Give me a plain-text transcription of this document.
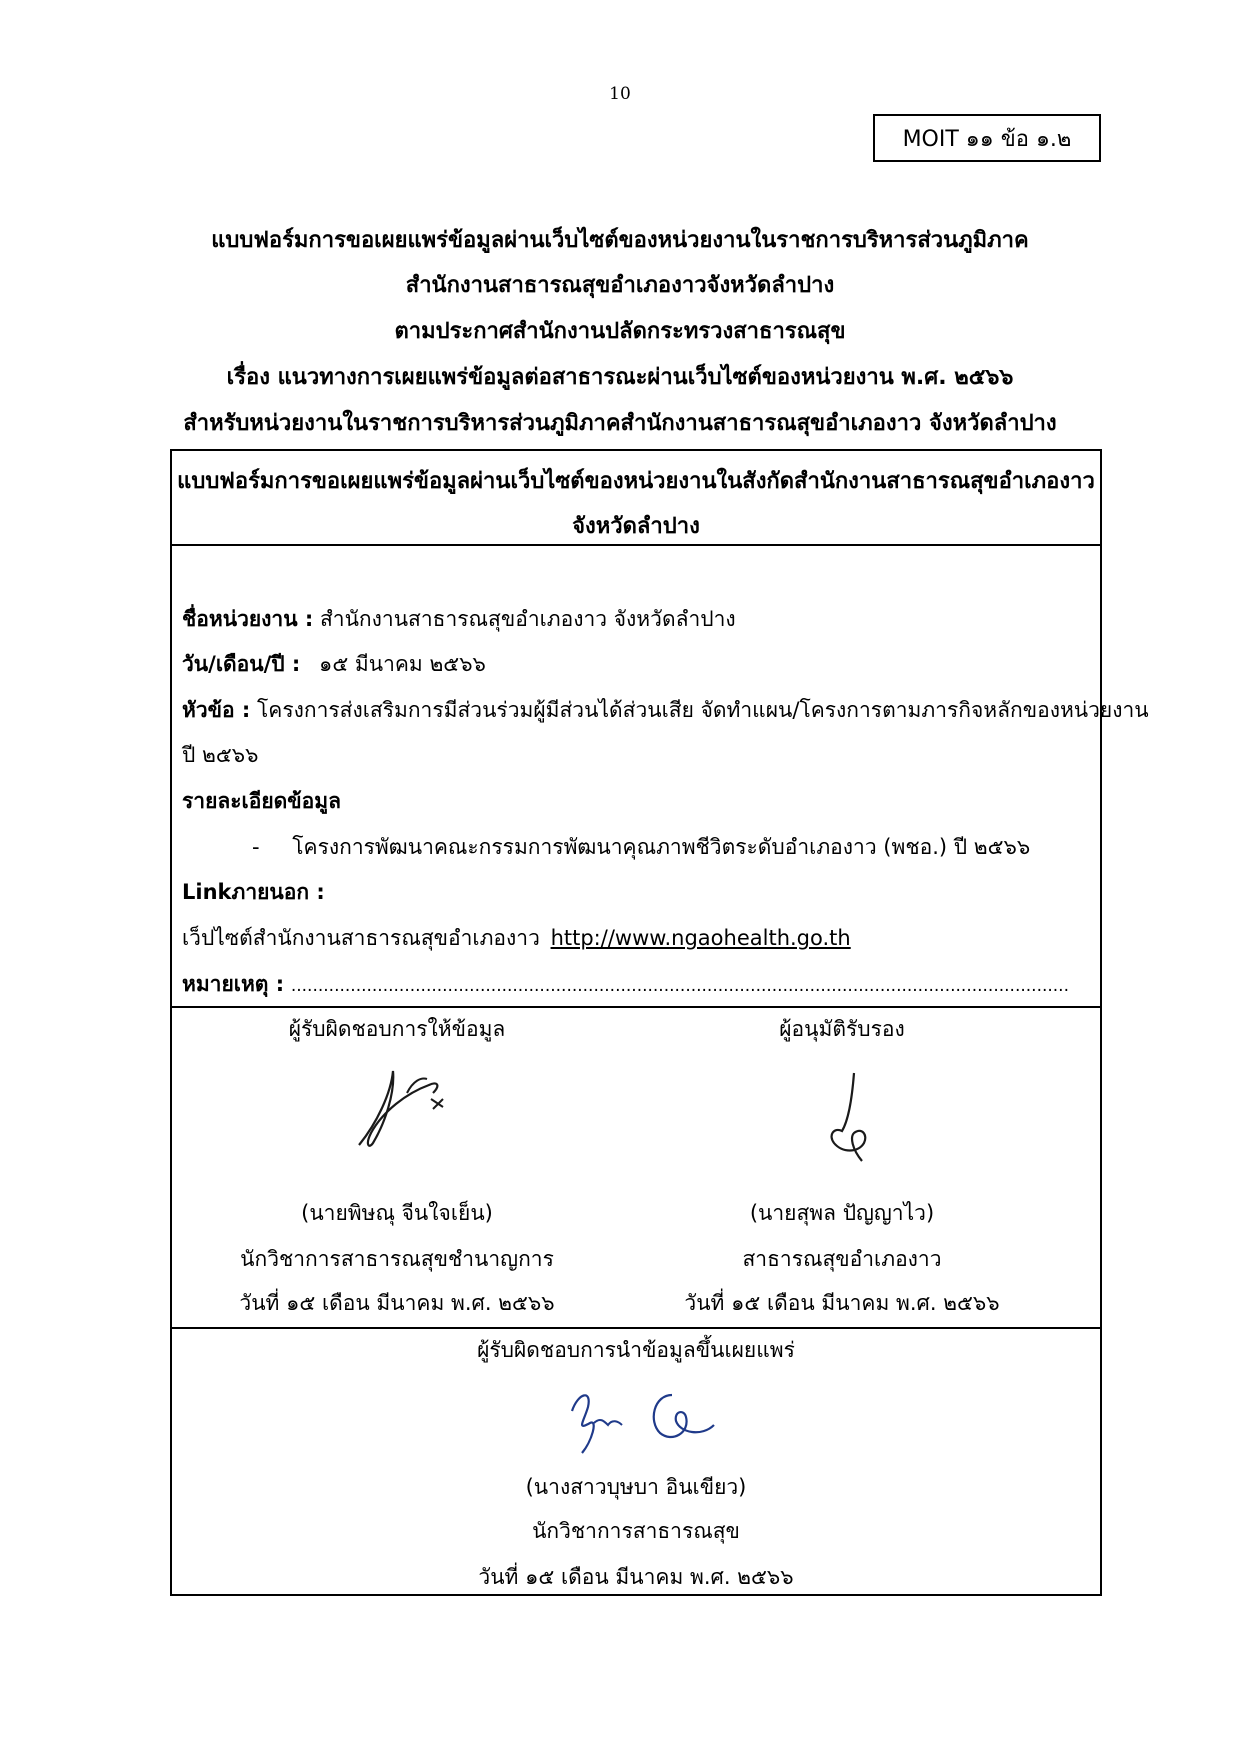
10
MOIT ๑๑ ข้อ ๑.๒
แบบฟอร์มการขอเผยแพร่ข้อมูลผ่านเว็บไซต์ของหน่วยงานในราชการบริหารส่วนภูมิภาค
สำนักงานสาธารณสุขอำเภองาวจังหวัดลำปาง
ตามประกาศสำนักงานปลัดกระทรวงสาธารณสุข
เรื่อง แนวทางการเผยแพร่ข้อมูลต่อสาธารณะผ่านเว็บไซต์ของหน่วยงาน พ.ศ. ๒๕๖๖
สำหรับหน่วยงานในราชการบริหารส่วนภูมิภาคสำนักงานสาธารณสุขอำเภองาว จังหวัดลำปาง
แบบฟอร์มการขอเผยแพร่ข้อมูลผ่านเว็บไซต์ของหน่วยงานในสังกัดสำนักงานสาธารณสุขอำเภองาว
จังหวัดลำปาง
ชื่อหน่วยงาน : สำนักงานสาธารณสุขอำเภองาว จังหวัดลำปาง
วัน/เดือน/ปี : ๑๕ มีนาคม ๒๕๖๖
หัวข้อ : โครงการส่งเสริมการมีส่วนร่วมผู้มีส่วนได้ส่วนเสีย จัดทำแผน/โครงการตามภารกิจหลักของหน่วยงาน
ปี ๒๕๖๖
รายละเอียดข้อมูล
- โครงการพัฒนาคณะกรรมการพัฒนาคุณภาพชีวิตระดับอำเภองาว (พชอ.) ปี ๒๕๖๖
Linkภายนอก :
เว็ปไซต์สำนักงานสาธารณสุขอำเภองาว http://www.ngaohealth.go.th
หมายเหตุ : ................................................................................................................................................
ผู้รับผิดชอบการให้ข้อมูล
(นายพิษณุ จีนใจเย็น)
นักวิชาการสาธารณสุขชำนาญการ
วันที่ ๑๕ เดือน มีนาคม พ.ศ. ๒๕๖๖
ผู้อนุมัติรับรอง
(นายสุพล ปัญญาไว)
สาธารณสุขอำเภองาว
วันที่ ๑๕ เดือน มีนาคม พ.ศ. ๒๕๖๖
ผู้รับผิดชอบการนำข้อมูลขึ้นเผยแพร่
(นางสาวบุษบา อินเขียว)
นักวิชาการสาธารณสุข
วันที่ ๑๕ เดือน มีนาคม พ.ศ. ๒๕๖๖
